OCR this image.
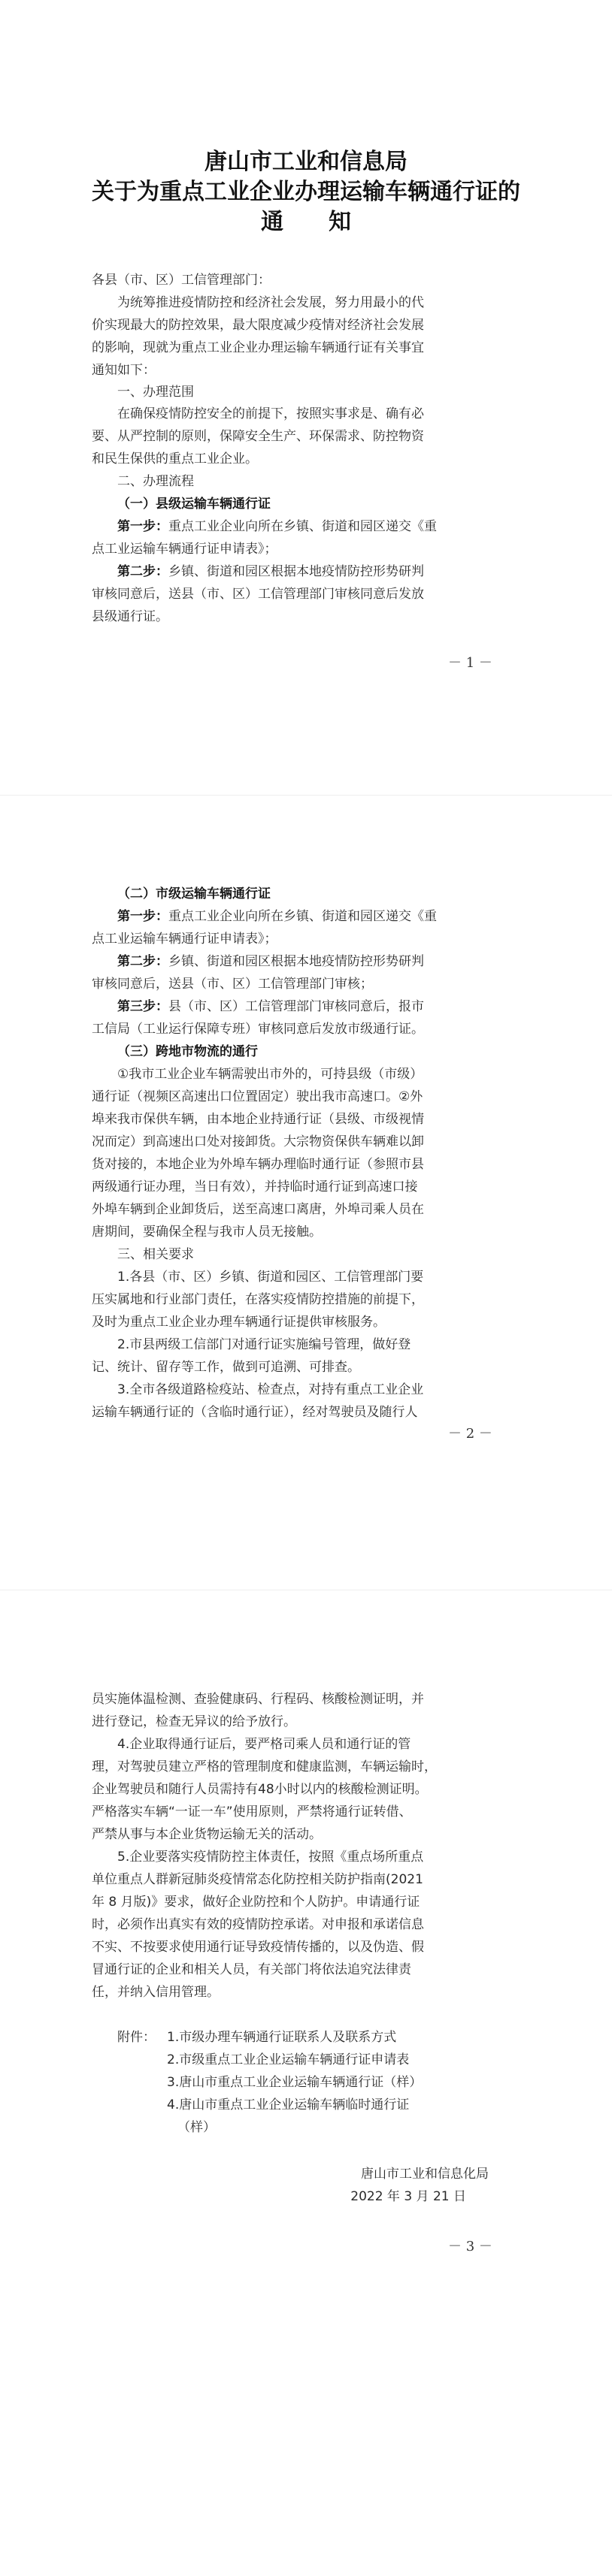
唐山市工业和信息局
关于为重点工业企业办理运输车辆通行证的
通　　知

各县（市、区）工信管理部门：

为统筹推进疫情防控和经济社会发展，努力用最小的代

价实现最大的防控效果，最大限度减少疫情对经济社会发展

的影响，现就为重点工业企业办理运输车辆通行证有关事宜

通知如下：

一、办理范围

在确保疫情防控安全的前提下，按照实事求是、确有必

要、从严控制的原则，保障安全生产、环保需求、防控物资

和民生保供的重点工业企业。

二、办理流程

（一）县级运输车辆通行证

第一步：重点工业企业向所在乡镇、街道和园区递交《重

点工业运输车辆通行证申请表》；

第二步：乡镇、街道和园区根据本地疫情防控形势研判

审核同意后，送县（市、区）工信管理部门审核同意后发放

县级通行证。

－ 1 －

（二）市级运输车辆通行证

第一步：重点工业企业向所在乡镇、街道和园区递交《重

点工业运输车辆通行证申请表》；

第二步：乡镇、街道和园区根据本地疫情防控形势研判

审核同意后，送县（市、区）工信管理部门审核；

第三步：县（市、区）工信管理部门审核同意后，报市

工信局（工业运行保障专班）审核同意后发放市级通行证。

（三）跨地市物流的通行

①我市工业企业车辆需驶出市外的，可持县级（市级）

通行证（视频区高速出口位置固定）驶出我市高速口。②外

埠来我市保供车辆，由本地企业持通行证（县级、市级视情

况而定）到高速出口处对接卸货。大宗物资保供车辆难以卸

货对接的，本地企业为外埠车辆办理临时通行证（参照市县

两级通行证办理，当日有效），并持临时通行证到高速口接

外埠车辆到企业卸货后，送至高速口离唐，外埠司乘人员在

唐期间，要确保全程与我市人员无接触。

三、相关要求

1.各县（市、区）乡镇、街道和园区、工信管理部门要

压实属地和行业部门责任，在落实疫情防控措施的前提下，

及时为重点工业企业办理车辆通行证提供审核服务。

2.市县两级工信部门对通行证实施编号管理，做好登

记、统计、留存等工作，做到可追溯、可排查。

3.全市各级道路检疫站、检查点，对持有重点工业企业

运输车辆通行证的（含临时通行证），经对驾驶员及随行人

－ 2 －

员实施体温检测、查验健康码、行程码、核酸检测证明，并

进行登记，检查无异议的给予放行。

4.企业取得通行证后，要严格司乘人员和通行证的管

理，对驾驶员建立严格的管理制度和健康监测，车辆运输时，

企业驾驶员和随行人员需持有48小时以内的核酸检测证明。

严格落实车辆“一证一车”使用原则，严禁将通行证转借、

严禁从事与本企业货物运输无关的活动。

5.企业要落实疫情防控主体责任，按照《重点场所重点

单位重点人群新冠肺炎疫情常态化防控相关防护指南(2021

年 8 月版)》要求，做好企业防控和个人防护。申请通行证

时，必须作出真实有效的疫情防控承诺。对申报和承诺信息

不实、不按要求使用通行证导致疫情传播的，以及伪造、假

冒通行证的企业和相关人员，有关部门将依法追究法律责

任，并纳入信用管理。

附件： 1.市级办理车辆通行证联系人及联系方式

2.市级重点工业企业运输车辆通行证申请表

3.唐山市重点工业企业运输车辆通行证（样）

4.唐山市重点工业企业运输车辆临时通行证

（样）

唐山市工业和信息化局

2022 年 3 月 21 日

－ 3 －
